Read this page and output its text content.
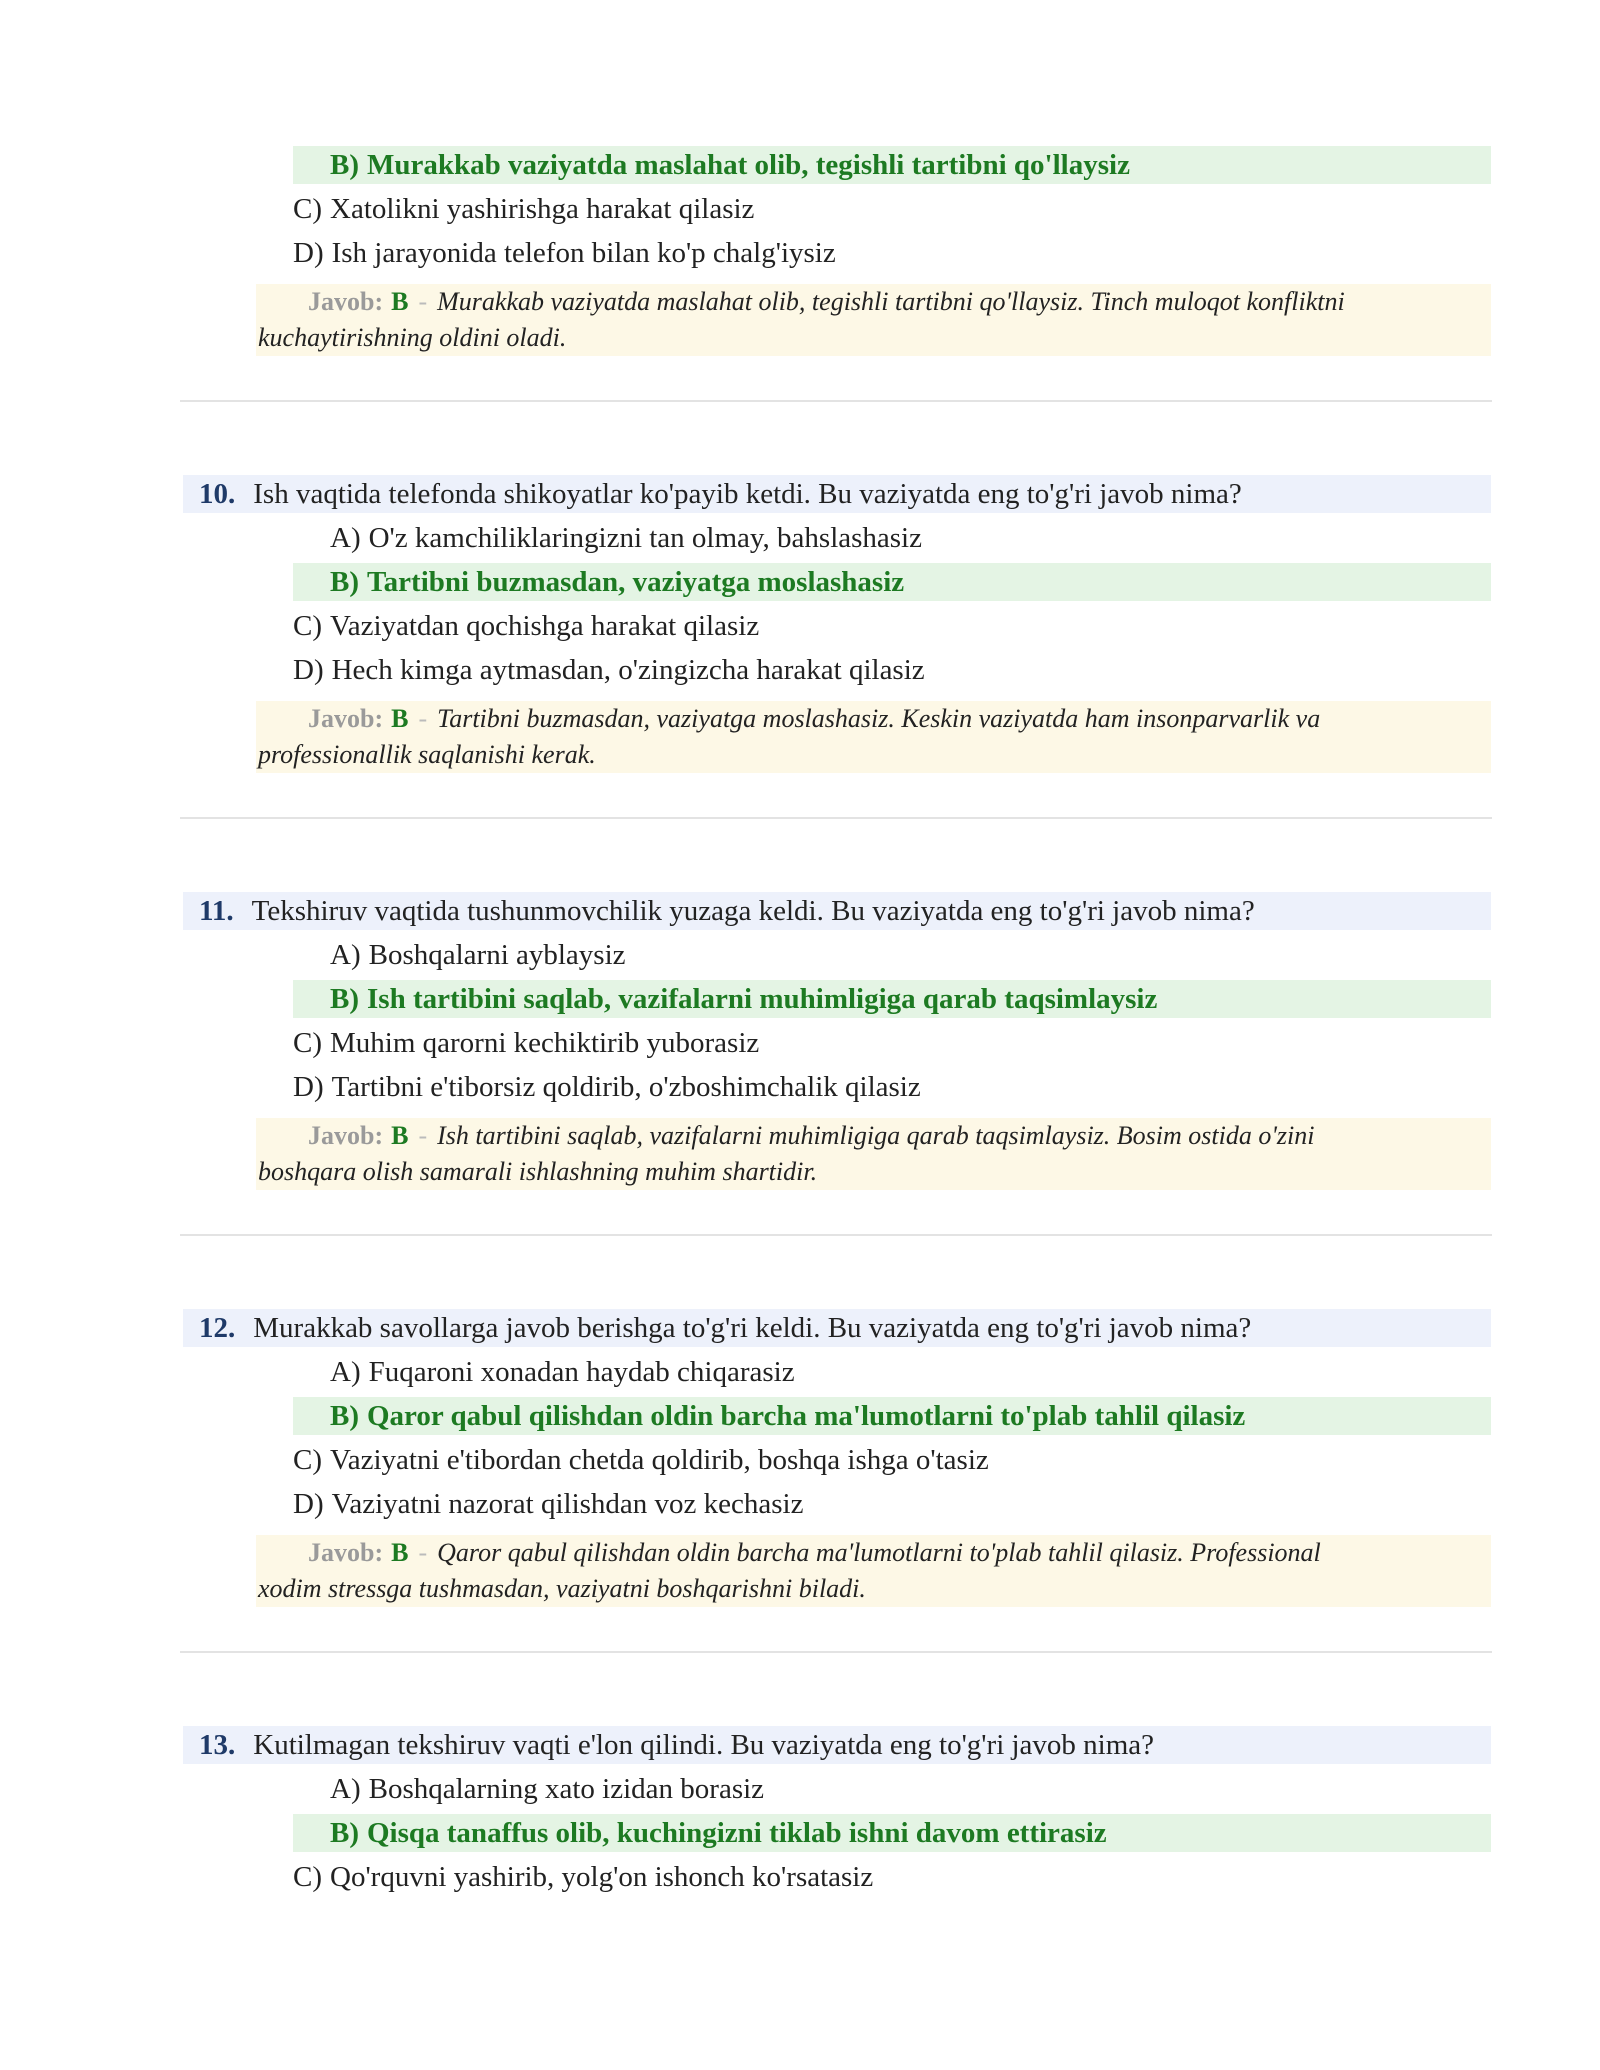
B) Murakkab vaziyatda maslahat olib, tegishli tartibni qo'llaysiz
C) Xatolikni yashirishga harakat qilasiz
D) Ish jarayonida telefon bilan ko'p chalg'iysiz
Javob: B - Murakkab vaziyatda maslahat olib, tegishli tartibni qo'llaysiz. Tinch muloqot konfliktni
kuchaytirishning oldini oladi.
10. Ish vaqtida telefonda shikoyatlar ko'payib ketdi. Bu vaziyatda eng to'g'ri javob nima?
A) O'z kamchiliklaringizni tan olmay, bahslashasiz
B) Tartibni buzmasdan, vaziyatga moslashasiz
C) Vaziyatdan qochishga harakat qilasiz
D) Hech kimga aytmasdan, o'zingizcha harakat qilasiz
Javob: B - Tartibni buzmasdan, vaziyatga moslashasiz. Keskin vaziyatda ham insonparvarlik va
professionallik saqlanishi kerak.
11. Tekshiruv vaqtida tushunmovchilik yuzaga keldi. Bu vaziyatda eng to'g'ri javob nima?
A) Boshqalarni ayblaysiz
B) Ish tartibini saqlab, vazifalarni muhimligiga qarab taqsimlaysiz
C) Muhim qarorni kechiktirib yuborasiz
D) Tartibni e'tiborsiz qoldirib, o'zboshimchalik qilasiz
Javob: B - Ish tartibini saqlab, vazifalarni muhimligiga qarab taqsimlaysiz. Bosim ostida o'zini
boshqara olish samarali ishlashning muhim shartidir.
12. Murakkab savollarga javob berishga to'g'ri keldi. Bu vaziyatda eng to'g'ri javob nima?
A) Fuqaroni xonadan haydab chiqarasiz
B) Qaror qabul qilishdan oldin barcha ma'lumotlarni to'plab tahlil qilasiz
C) Vaziyatni e'tibordan chetda qoldirib, boshqa ishga o'tasiz
D) Vaziyatni nazorat qilishdan voz kechasiz
Javob: B - Qaror qabul qilishdan oldin barcha ma'lumotlarni to'plab tahlil qilasiz. Professional
xodim stressga tushmasdan, vaziyatni boshqarishni biladi.
13. Kutilmagan tekshiruv vaqti e'lon qilindi. Bu vaziyatda eng to'g'ri javob nima?
A) Boshqalarning xato izidan borasiz
B) Qisqa tanaffus olib, kuchingizni tiklab ishni davom ettirasiz
C) Qo'rquvni yashirib, yolg'on ishonch ko'rsatasiz
